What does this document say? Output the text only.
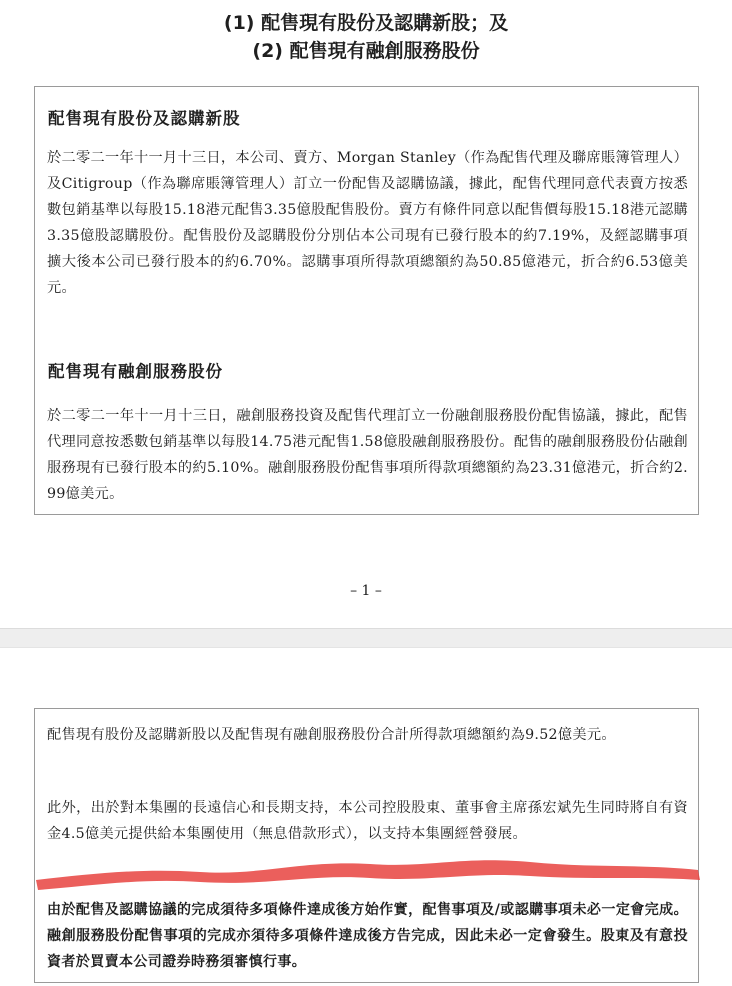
(1) 配售現有股份及認購新股；及
(2) 配售現有融創服務股份
配售現有股份及認購新股
於二零二一年十一月十三日，本公司、賣方、Morgan Stanley（作為配售代理及聯席賬簿管理人）及Citigroup（作為聯席賬簿管理人）訂立一份配售及認購協議，據此，配售代理同意代表賣方按悉數包銷基準以每股15.18港元配售3.35億股配售股份。賣方有條件同意以配售價每股15.18港元認購3.35億股認購股份。配售股份及認購股份分別佔本公司現有已發行股本的約7.19%，及經認購事項擴大後本公司已發行股本的約6.70%。認購事項所得款項總額約為50.85億港元，折合約6.53億美元。
配售現有融創服務股份
於二零二一年十一月十三日，融創服務投資及配售代理訂立一份融創服務股份配售協議，據此，配售代理同意按悉數包銷基準以每股14.75港元配售1.58億股融創服務股份。配售的融創服務股份佔融創服務現有已發行股本的約5.10%。融創服務股份配售事項所得款項總額約為23.31億港元，折合約2.99億美元。
– 1 –
配售現有股份及認購新股以及配售現有融創服務股份合計所得款項總額約為9.52億美元。
此外，出於對本集團的長遠信心和長期支持，本公司控股股東、董事會主席孫宏斌先生同時將自有資金4.5億美元提供給本集團使用（無息借款形式），以支持本集團經營發展。
由於配售及認購協議的完成須待多項條件達成後方始作實，配售事項及/或認購事項未必一定會完成。融創服務股份配售事項的完成亦須待多項條件達成後方告完成，因此未必一定會發生。股東及有意投資者於買賣本公司證券時務須審慎行事。
